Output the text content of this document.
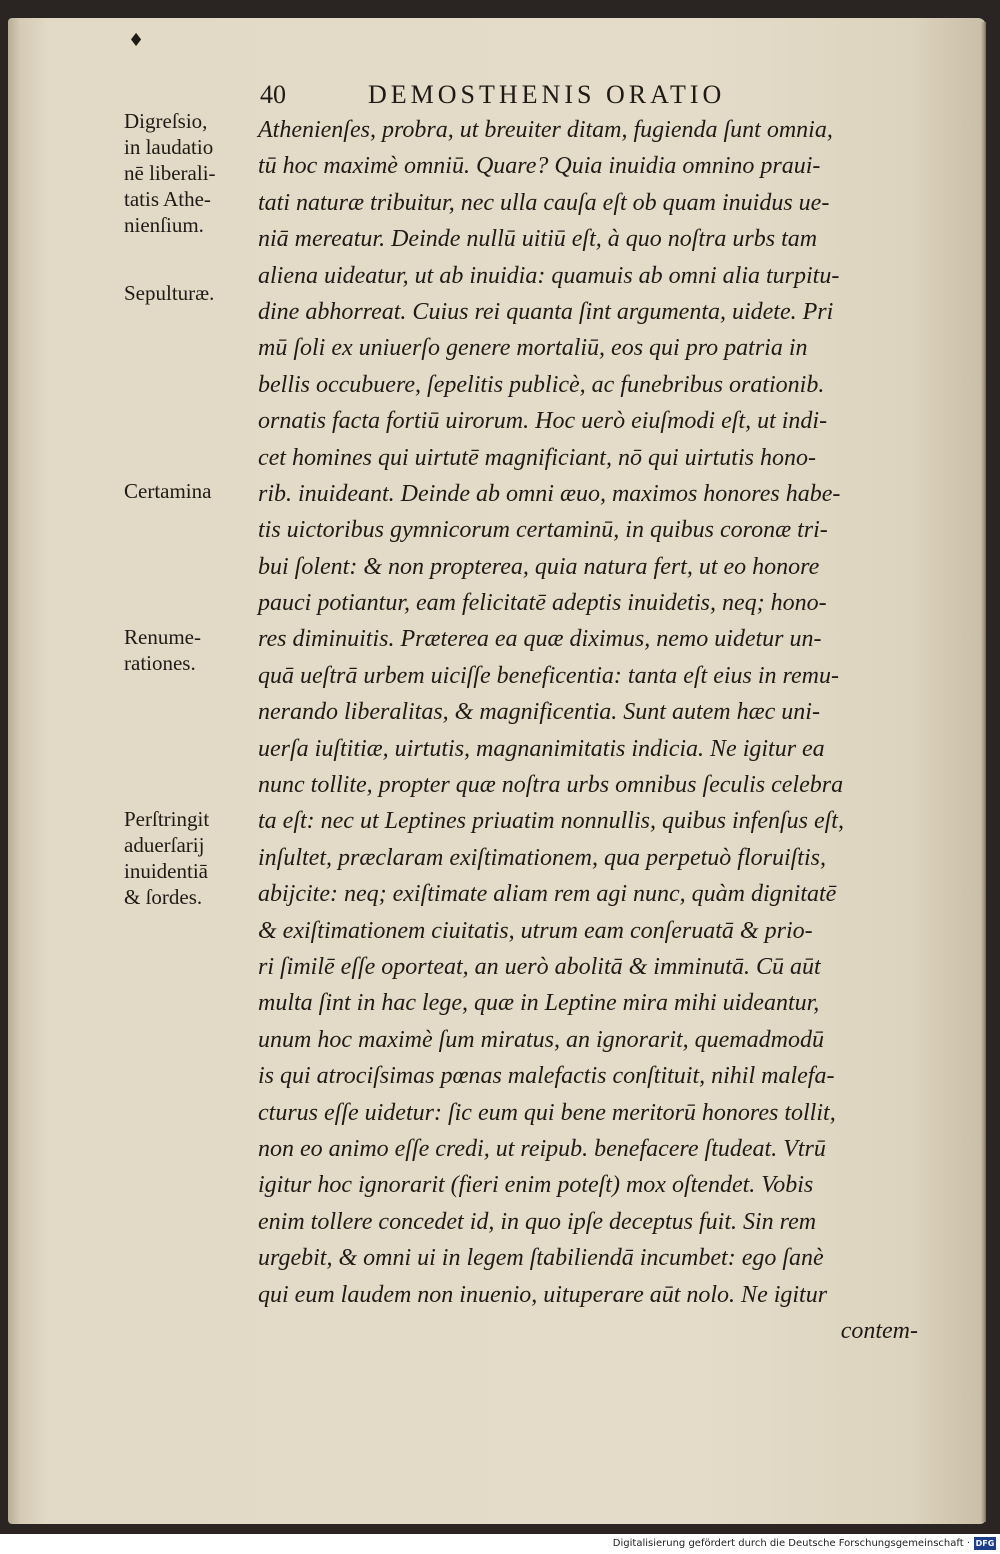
♦
40	DEMOSTHENIS ORATIO
Digreſsio,
in laudatio
nē liberali-
tatis Athe-
nienſium.
Sepulturæ.
Certamina
Renume-
rationes.
Perſtringit
aduerſarij
inuidentiā
& ſordes.
Athenienſes, probra, ut breuiter ditam, fugienda ſunt omnia,
tū hoc maximè omniū. Quare? Quia inuidia omnino praui-
tati naturæ tribuitur, nec ulla cauſa eſt ob quam inuidus ue-
niā mereatur. Deinde nullū uitiū eſt, à quo noſtra urbs tam
aliena uideatur, ut ab inuidia: quamuis ab omni alia turpitu-
dine abhorreat. Cuius rei quanta ſint argumenta, uidete. Pri
mū ſoli ex uniuerſo genere mortaliū, eos qui pro patria in
bellis occubuere, ſepelitis publicè, ac funebribus orationib.
ornatis facta fortiū uirorum. Hoc uerò eiuſmodi eſt, ut indi-
cet homines qui uirtutē magnificiant, nō qui uirtutis hono-
rib. inuideant. Deinde ab omni æuo, maximos honores habe-
tis uictoribus gymnicorum certaminū, in quibus coronæ tri-
bui ſolent: & non propterea, quia natura fert, ut eo honore
pauci potiantur, eam felicitatē adeptis inuidetis, neq; hono-
res diminuitis. Præterea ea quæ diximus, nemo uidetur un-
quā ueſtrā urbem uiciſſe beneficentia: tanta eſt eius in remu-
nerando liberalitas, & magnificentia. Sunt autem hæc uni-
uerſa iuſtitiæ, uirtutis, magnanimitatis indicia. Ne igitur ea
nunc tollite, propter quæ noſtra urbs omnibus ſeculis celebra
ta eſt: nec ut Leptines priuatim nonnullis, quibus infenſus eſt,
inſultet, præclaram exiſtimationem, qua perpetuò floruiſtis,
abijcite: neq; exiſtimate aliam rem agi nunc, quàm dignitatē
& exiſtimationem ciuitatis, utrum eam conſeruatā & prio-
ri ſimilē eſſe oporteat, an uerò abolitā & imminutā. Cū aūt
multa ſint in hac lege, quæ in Leptine mira mihi uideantur,
unum hoc maximè ſum miratus, an ignorarit, quemadmodū
is qui atrociſsimas pœnas malefactis conſtituit, nihil malefa-
cturus eſſe uidetur: ſic eum qui bene meritorū honores tollit,
non eo animo eſſe credi, ut reipub. benefacere ſtudeat. Vtrū
igitur hoc ignorarit (fieri enim poteſt) mox oſtendet. Vobis
enim tollere concedet id, in quo ipſe deceptus fuit. Sin rem
urgebit, & omni ui in legem ſtabiliendā incumbet: ego ſanè
qui eum laudem non inuenio, uituperare aūt nolo. Ne igitur
contem-
Digitalisierung gefördert durch die Deutsche Forschungsgemeinschaft · DFG
